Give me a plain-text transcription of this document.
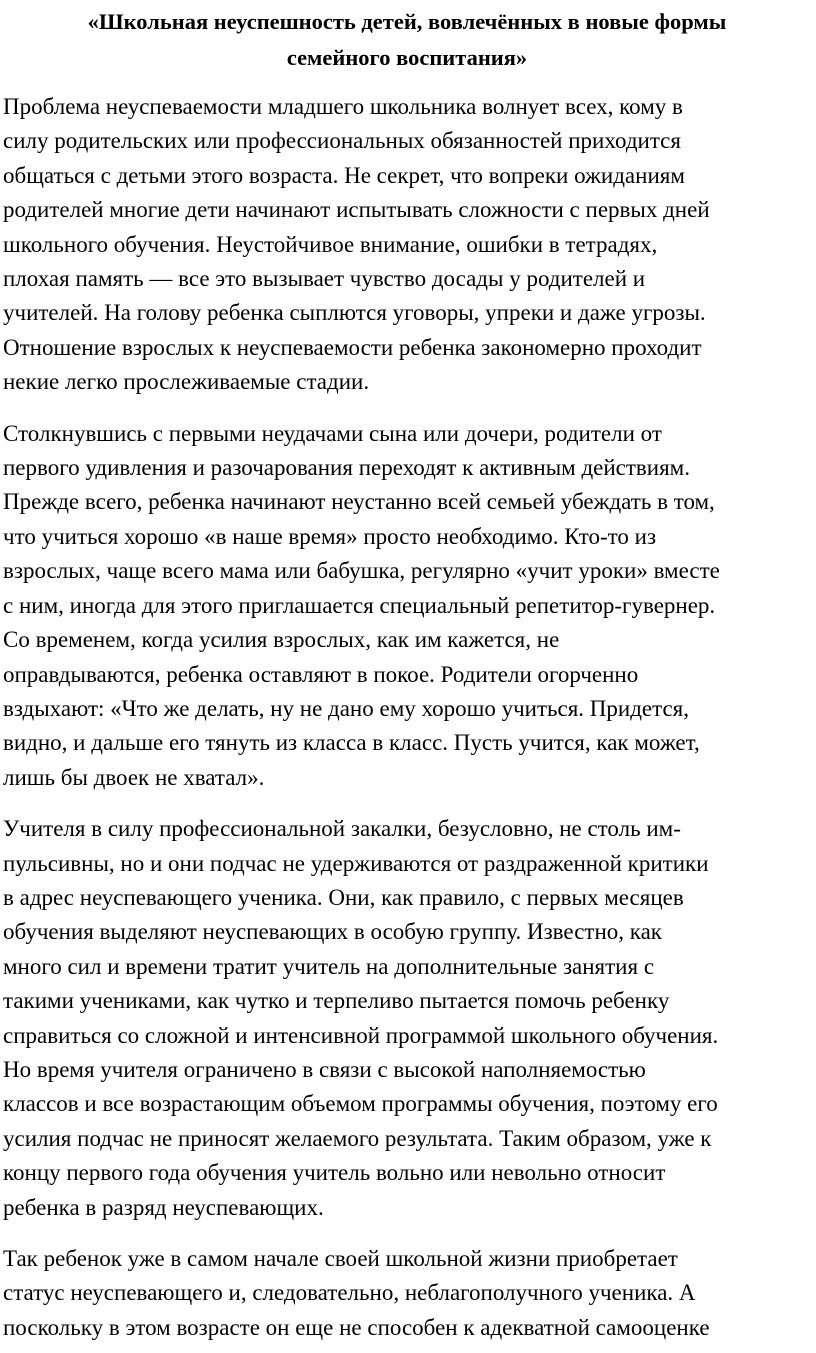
«Школьная неуспешность детей, вовлечённых в новые формы
семейного воспитания»

Проблема неуспеваемости младшего школьника волнует всех, кому в
силу родительских или профессиональных обязанностей приходится
общаться с детьми этого возраста. Не секрет, что вопреки ожиданиям
родителей многие дети начинают испытывать сложности с первых дней
школьного обучения. Неустойчивое внимание, ошибки в тетрадях,
плохая память — все это вызывает чувство досады у родителей и
учителей. На голову ребенка сыплются уговоры, упреки и даже угрозы.
Отношение взрослых к неуспеваемости ребенка закономерно проходит
некие легко прослеживаемые стадии.

Столкнувшись с первыми неудачами сына или дочери, родители от
первого удивления и разочарования переходят к активным действиям.
Прежде всего, ребенка начинают неустанно всей семьей убеждать в том,
что учиться хорошо «в наше время» просто необходимо. Кто-то из
взрослых, чаще всего мама или бабушка, регулярно «учит уроки» вместе
с ним, иногда для этого приглашается специальный репетитор-гувернер.
Со временем, когда усилия взрослых, как им кажется, не
оправдываются, ребенка оставляют в покое. Родители огорченно
вздыхают: «Что же делать, ну не дано ему хорошо учиться. Придется,
видно, и дальше его тянуть из класса в класс. Пусть учится, как может,
лишь бы двоек не хватал».

Учителя в силу профессиональной закалки, безусловно, не столь им-
пульсивны, но и они подчас не удерживаются от раздраженной критики
в адрес неуспевающего ученика. Они, как правило, с первых месяцев
обучения выделяют неуспевающих в особую группу. Известно, как
много сил и времени тратит учитель на дополнительные занятия с
такими учениками, как чутко и терпеливо пытается помочь ребенку
справиться со сложной и интенсивной программой школьного обучения.
Но время учителя ограничено в связи с высокой наполняемостью
классов и все возрастающим объемом программы обучения, поэтому его
усилия подчас не приносят желаемого результата. Таким образом, уже к
концу первого года обучения учитель вольно или невольно относит
ребенка в разряд неуспевающих.

Так ребенок уже в самом начале своей школьной жизни приобретает
статус неуспевающего и, следовательно, неблагополучного ученика. А
поскольку в этом возрасте он еще не способен к адекватной самооценке
